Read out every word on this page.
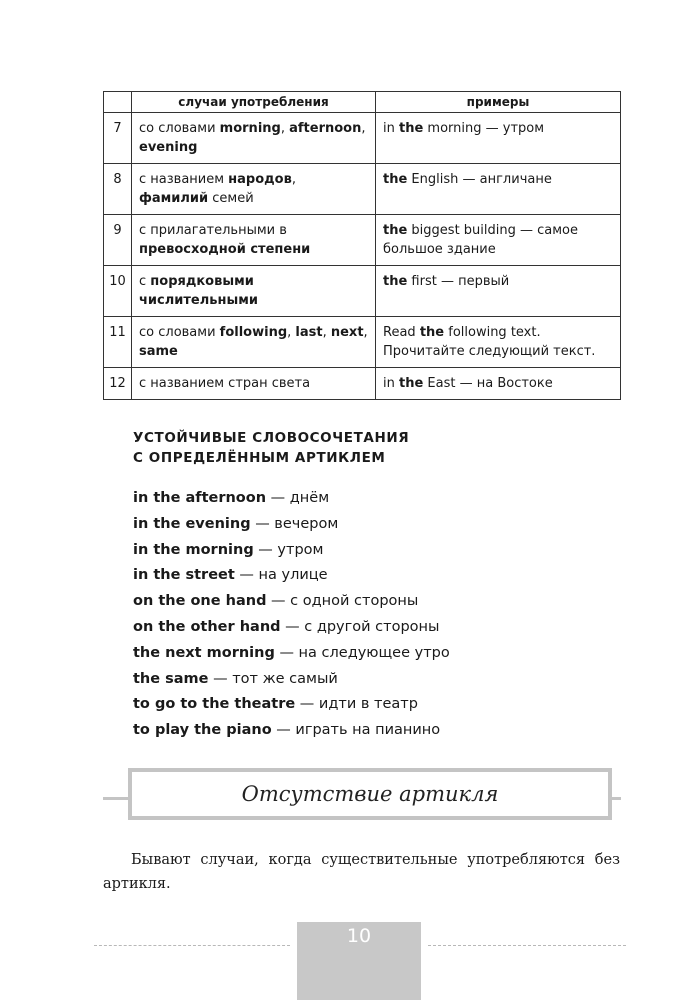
	случаи употребления	примеры
7	со словами morning, afternoon, evening	in the morning — утром
8	с названием народов, фамилий семей	the English — англичане
9	с прилагательными в превосходной степени	the biggest building — самое большое здание
10	с порядковыми числительными	the first — первый
11	со словами following, last, next, same	Read the following text. Прочитайте следующий текст.
12	с названием стран света	in the East — на Востоке
УСТОЙЧИВЫЕ СЛОВОСОЧЕТАНИЯ
С ОПРЕДЕЛЁННЫМ АРТИКЛЕМ
in the afternoon — днём
in the evening — вечером
in the morning — утром
in the street — на улице
on the one hand — с одной стороны
on the other hand — с другой стороны
the next morning — на следующее утро
the same — тот же самый
to go to the theatre — идти в театр
to play the piano — играть на пианино
Отсутствие артикля
Бывают случаи, когда существительные употребляются без артикля.
10
